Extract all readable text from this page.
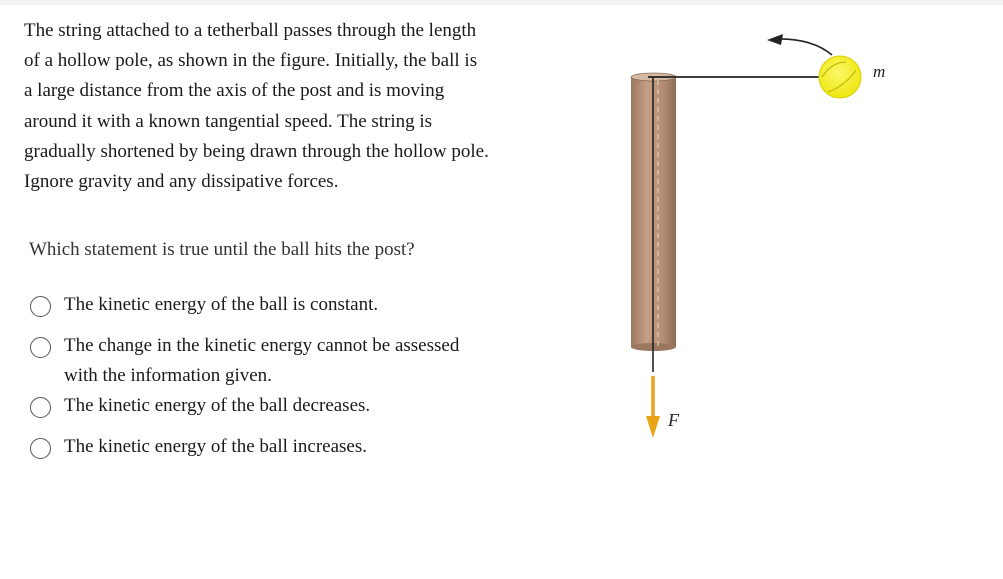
The string attached to a tetherball passes through the length
of a hollow pole, as shown in the figure. Initially, the ball is
a large distance from the axis of the post and is moving
around it with a known tangential speed. The string is
gradually shortened by being drawn through the hollow pole.
Ignore gravity and any dissipative forces.
Which statement is true until the ball hits the post?
The kinetic energy of the ball is constant.
The change in the kinetic energy cannot be assessed
with the information given.
The kinetic energy of the ball decreases.
The kinetic energy of the ball increases.
m
F⃗
